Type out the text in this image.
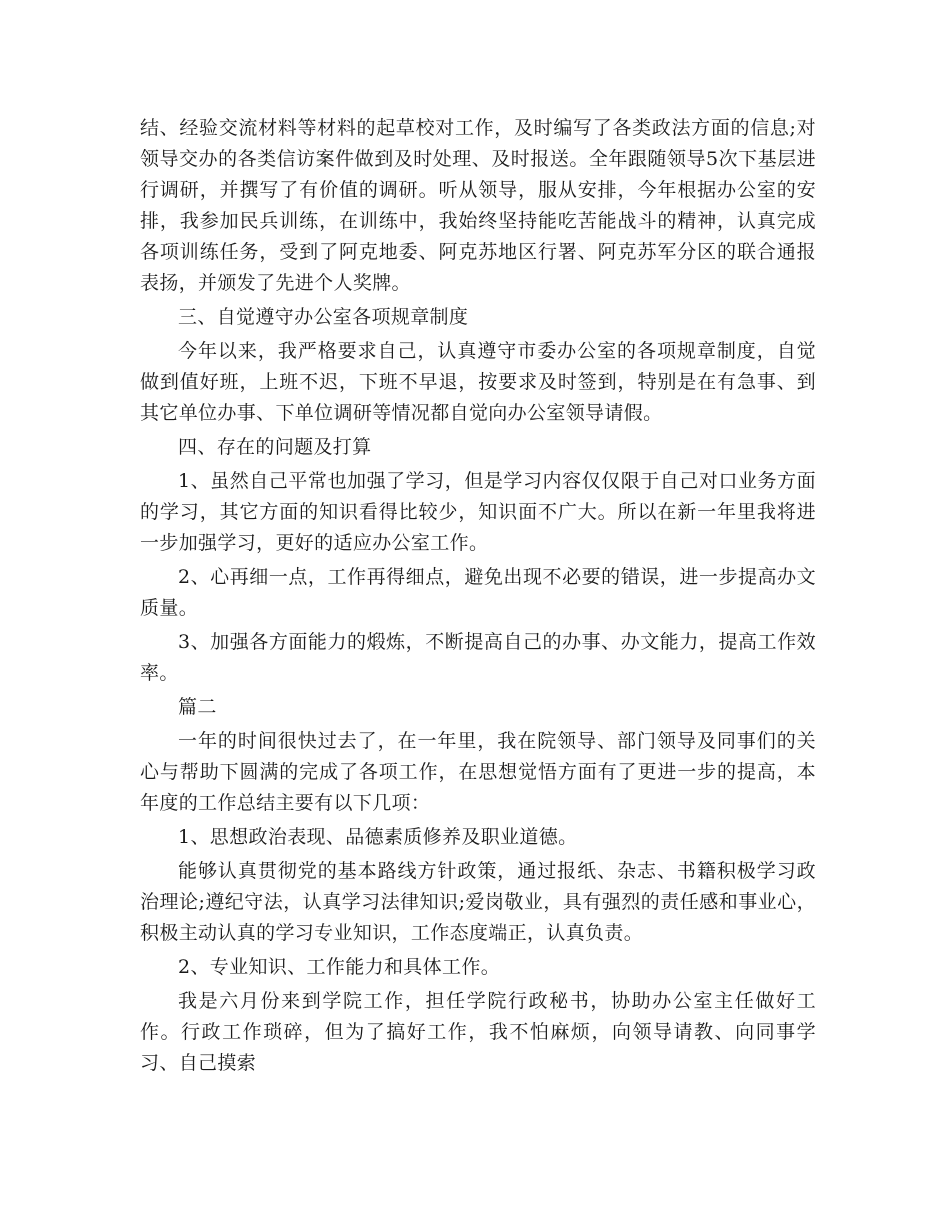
结、经验交流材料等材料的起草校对工作，及时编写了各类政法方面的信息;对领导交办的各类信访案件做到及时处理、及时报送。全年跟随领导5次下基层进行调研，并撰写了有价值的调研。听从领导，服从安排，今年根据办公室的安排，我参加民兵训练，在训练中，我始终坚持能吃苦能战斗的精神，认真完成各项训练任务，受到了阿克地委、阿克苏地区行署、阿克苏军分区的联合通报表扬，并颁发了先进个人奖牌。

三、自觉遵守办公室各项规章制度

今年以来，我严格要求自己，认真遵守市委办公室的各项规章制度，自觉做到值好班，上班不迟，下班不早退，按要求及时签到，特别是在有急事、到其它单位办事、下单位调研等情况都自觉向办公室领导请假。

四、存在的问题及打算

1、虽然自己平常也加强了学习，但是学习内容仅仅限于自己对口业务方面的学习，其它方面的知识看得比较少，知识面不广大。所以在新一年里我将进一步加强学习，更好的适应办公室工作。

2、心再细一点，工作再得细点，避免出现不必要的错误，进一步提高办文质量。

3、加强各方面能力的煅炼，不断提高自己的办事、办文能力，提高工作效率。

篇二

一年的时间很快过去了，在一年里，我在院领导、部门领导及同事们的关心与帮助下圆满的完成了各项工作，在思想觉悟方面有了更进一步的提高，本年度的工作总结主要有以下几项：

1、思想政治表现、品德素质修养及职业道德。

能够认真贯彻党的基本路线方针政策，通过报纸、杂志、书籍积极学习政治理论;遵纪守法，认真学习法律知识;爱岗敬业，具有强烈的责任感和事业心，积极主动认真的学习专业知识，工作态度端正，认真负责。

2、专业知识、工作能力和具体工作。

我是六月份来到学院工作，担任学院行政秘书，协助办公室主任做好工作。行政工作琐碎，但为了搞好工作，我不怕麻烦，向领导请教、向同事学习、自己摸索
